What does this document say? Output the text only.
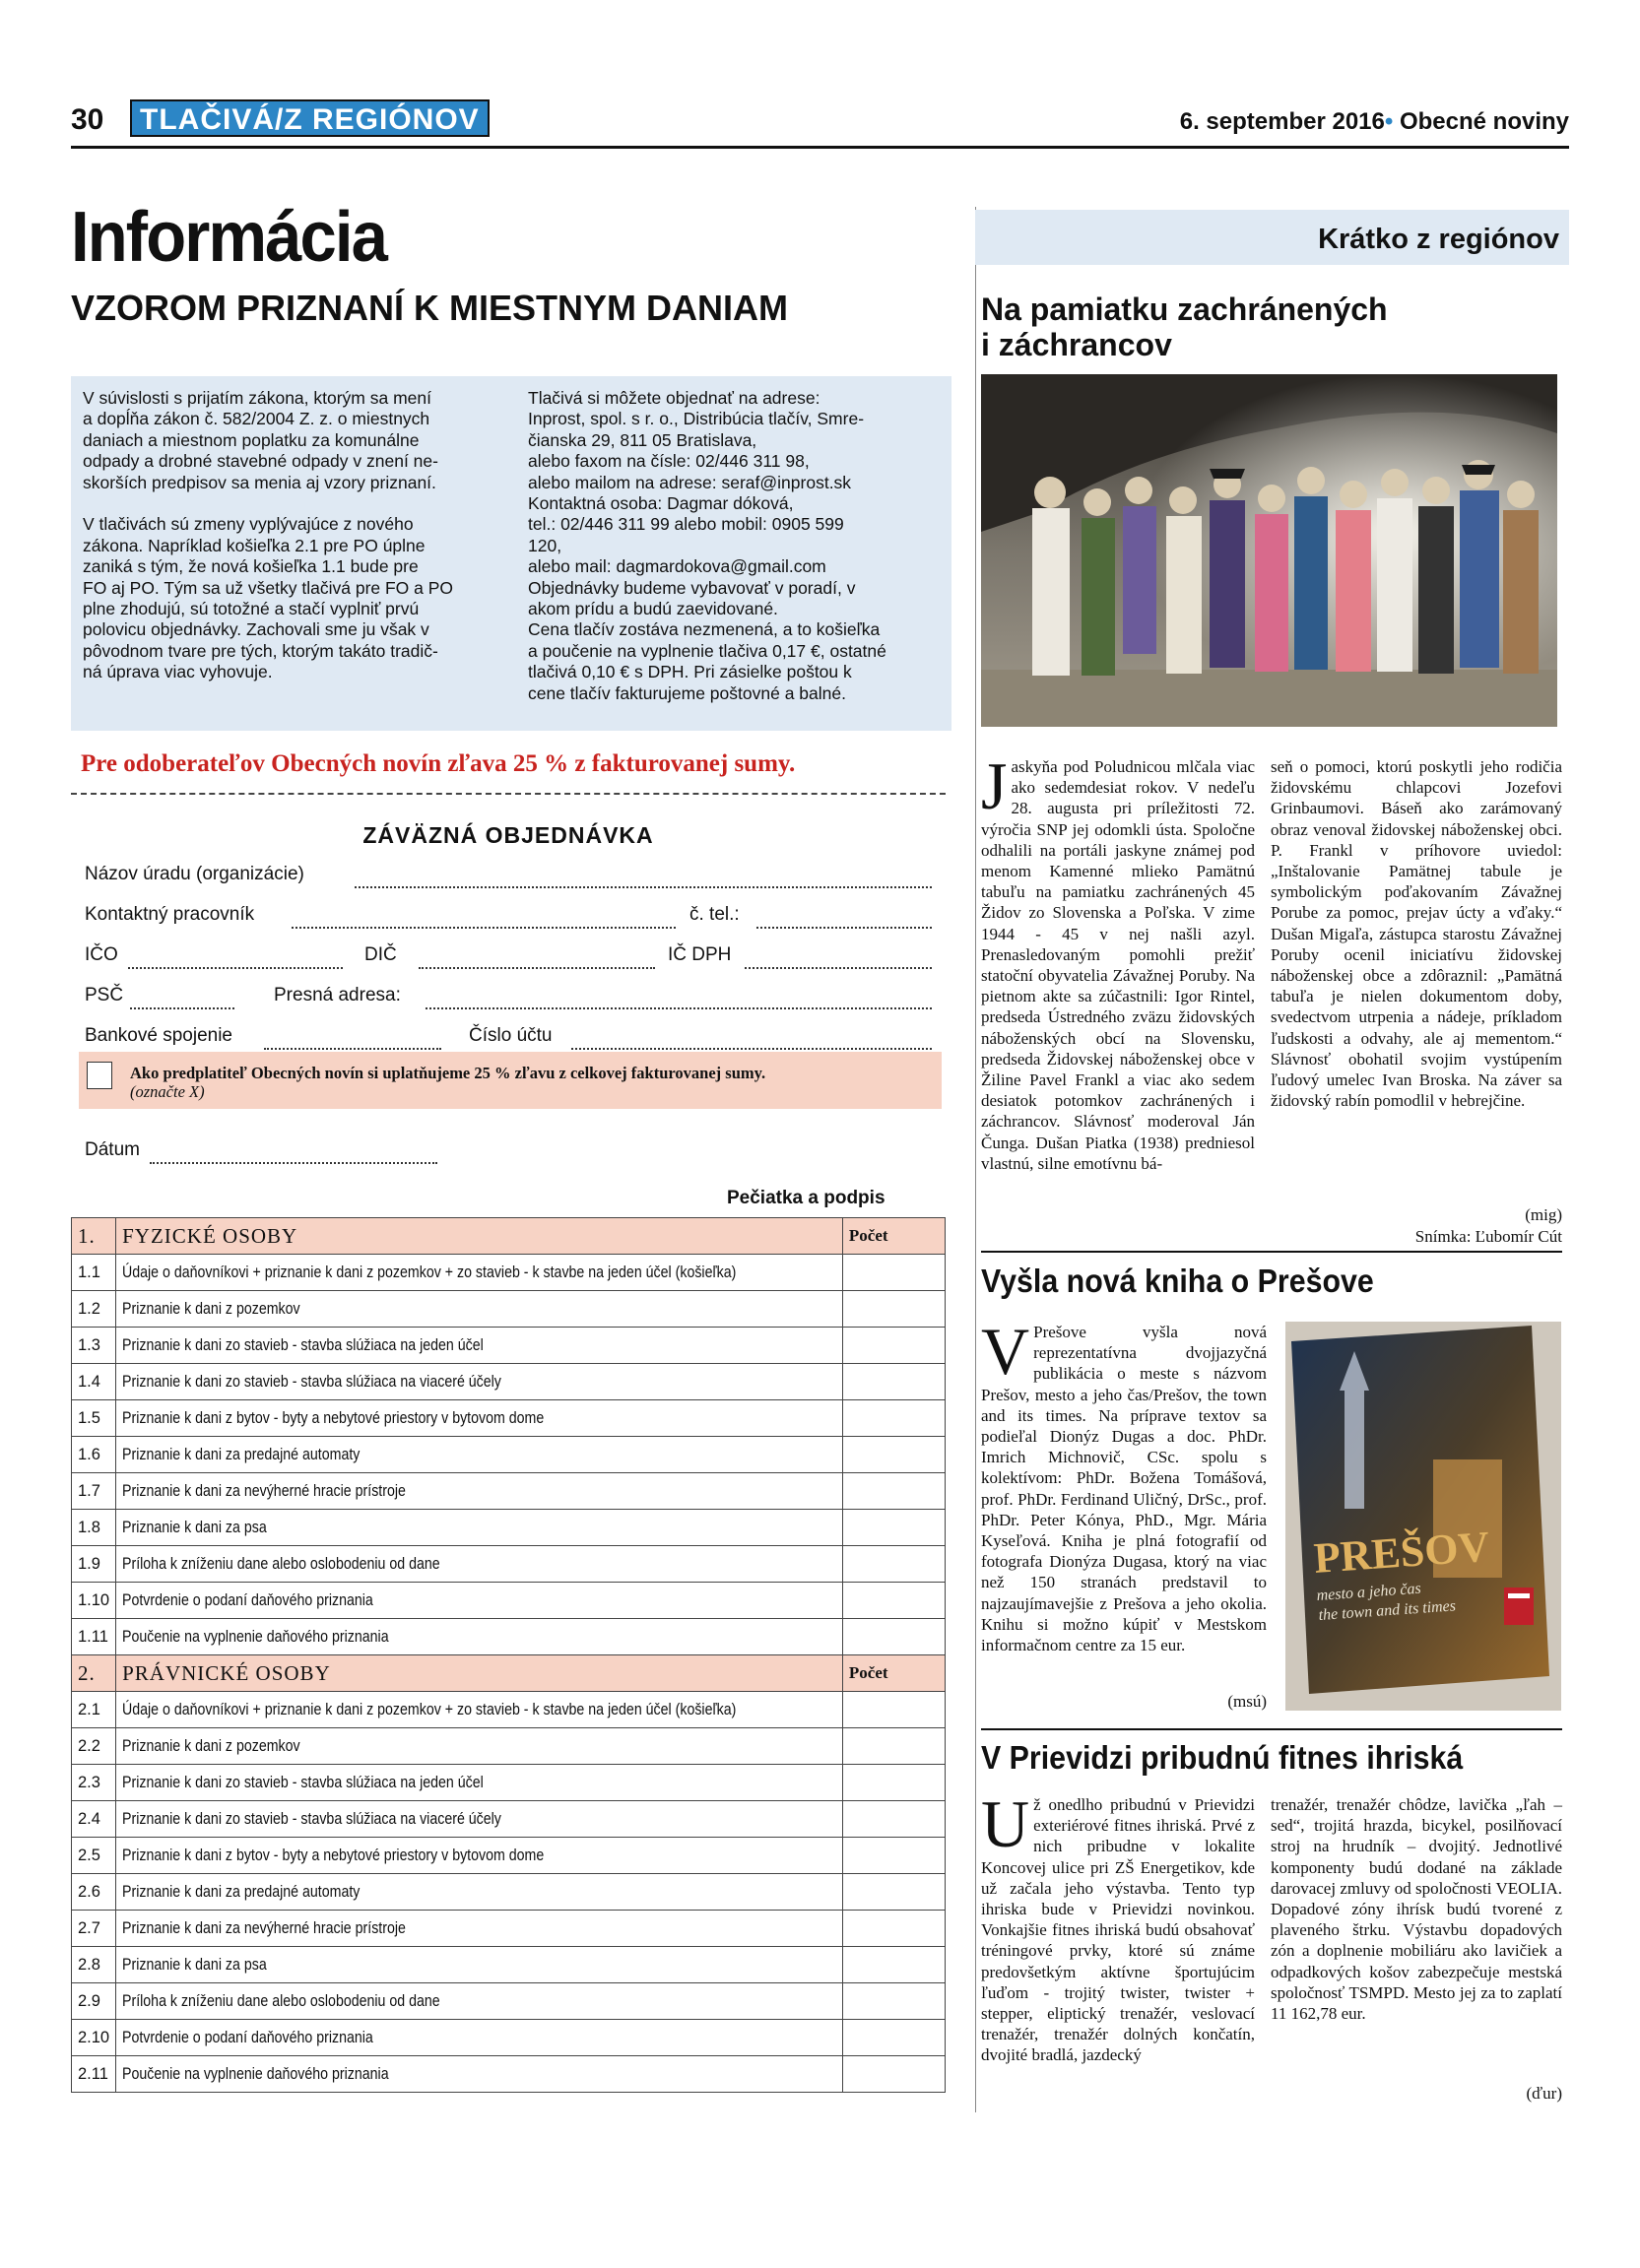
30	TLAČIVÁ/Z REGIÓNOV	6. september 2016• Obecné noviny
Informácia
VZOROM PRIZNANÍ K MIESTNYM DANIAM
V súvislosti s prijatím zákona, ktorým sa mení
a dopĺňa zákon č. 582/2004 Z. z. o miestnych
daniach a miestnom poplatku za komunálne
odpady a drobné stavebné odpady v znení ne-
skorších predpisov sa menia aj vzory priznaní.

V tlačivách sú zmeny vyplývajúce z nového
zákona. Napríklad košieľka 2.1 pre PO úplne
zaniká s tým, že nová košieľka 1.1 bude pre
FO aj PO. Tým sa už všetky tlačivá pre FO a PO
plne zhodujú, sú totožné a stačí vyplniť prvú
polovicu objednávky. Zachovali sme ju však v
pôvodnom tvare pre tých, ktorým takáto tradič-
ná úprava viac vyhovuje.
Tlačivá si môžete objednať na adrese:
Inprost, spol. s r. o., Distribúcia tlačív, Smre-
čianska 29, 811 05 Bratislava,
alebo faxom na čísle: 02/446 311 98,
alebo mailom na adrese: seraf@inprost.sk
Kontaktná osoba: Dagmar dóková,
tel.: 02/446 311 99 alebo mobil: 0905 599
120,
alebo mail: dagmardokova@gmail.com
Objednávky budeme vybavovať v poradí, v
akom prídu a budú zaevidované.
Cena tlačív zostáva nezmenená, a to košieľka
a poučenie na vyplnenie tlačiva 0,17 €, ostatné
tlačivá 0,10 € s DPH. Pri zásielke poštou k
cene tlačív fakturujeme poštovné a balné.
Pre odoberateľov Obecných novín zľava 25 % z fakturovanej sumy.
ZÁVÄZNÁ OBJEDNÁVKA
Názov úradu (organizácie)
Kontaktný pracovník	č. tel.:
IČO	DIČ	IČ DPH
PSČ	Presná adresa:
Bankové spojenie	Číslo účtu
Ako predplatiteľ Obecných novín si uplatňujeme 25 % zľavu z celkovej fakturovanej sumy.
(označte X)
Dátum
Pečiatka a podpis
1.	FYZICKÉ OSOBY	Počet
1.1	Údaje o daňovníkovi + priznanie k dani z pozemkov + zo stavieb - k stavbe na jeden účel (košieľka)	
1.2	Priznanie k dani z pozemkov	
1.3	Priznanie k dani zo stavieb - stavba slúžiaca na jeden účel	
1.4	Priznanie k dani zo stavieb - stavba slúžiaca na viaceré účely	
1.5	Priznanie k dani z bytov - byty a nebytové priestory v bytovom dome	
1.6	Priznanie k dani za predajné automaty	
1.7	Priznanie k dani za nevýherné hracie prístroje	
1.8	Priznanie k dani za psa	
1.9	Príloha k zníženiu dane alebo oslobodeniu od dane	
1.10	Potvrdenie o podaní daňového priznania	
1.11	Poučenie na vyplnenie daňového priznania	
2.	PRÁVNICKÉ OSOBY	Počet
2.1	Údaje o daňovníkovi + priznanie k dani z pozemkov + zo stavieb - k stavbe na jeden účel (košieľka)	
2.2	Priznanie k dani z pozemkov	
2.3	Priznanie k dani zo stavieb - stavba slúžiaca na jeden účel	
2.4	Priznanie k dani zo stavieb - stavba slúžiaca na viaceré účely	
2.5	Priznanie k dani z bytov - byty a nebytové priestory v bytovom dome	
2.6	Priznanie k dani za predajné automaty	
2.7	Priznanie k dani za nevýherné hracie prístroje	
2.8	Priznanie k dani za psa	
2.9	Príloha k zníženiu dane alebo oslobodeniu od dane	
2.10	Potvrdenie o podaní daňového priznania	
2.11	Poučenie na vyplnenie daňového priznania	
Krátko z regiónov
Na pamiatku zachránených
i záchrancov
Jaskyňa pod Poludnicou mlčala viac ako sedemdesiat rokov. V nedeľu 28. augusta pri príležitosti 72. výročia SNP jej odomkli ústa. Spoločne odhalili na portáli jaskyne známej pod menom Kamenné mlieko Pamätnú tabuľu na pamiatku zachránených 45 Židov zo Slovenska a Poľska. V zime 1944 - 45 v nej našli azyl. Prenasledovaným pomohli prežiť statoční obyvatelia Závažnej Poruby. Na pietnom akte sa zúčastnili: Igor Rintel, predseda Ústredného zväzu židovských náboženských obcí na Slovensku, predseda Židovskej náboženskej obce v Žiline Pavel Frankl a viac ako sedem desiatok potomkov zachránených i záchrancov. Slávnosť moderoval Ján Čunga. Dušan Piatka (1938) predniesol vlastnú, silne emotívnu bá-
seň o pomoci, ktorú poskytli jeho rodičia židovskému chlapcovi Jozefovi Grinbaumovi. Báseň ako zarámovaný obraz venoval židovskej náboženskej obci. P. Frankl v príhovore uviedol: „Inštalovanie Pamätnej tabule je symbolickým poďakovaním Závažnej Porube za pomoc, prejav úcty a vďaky.“ Dušan Migaľa, zástupca starostu Závažnej Poruby ocenil iniciatívu židovskej náboženskej obce a zdôraznil: „Pamätná tabuľa je nielen dokumentom doby, svedectvom utrpenia a nádeje, príkladom ľudskosti a odvahy, ale aj mementom.“ Slávnosť obohatil svojim vystúpením ľudový umelec Ivan Broska. Na záver sa židovský rabín pomodlil v hebrejčine.
(mig)
Snímka: Ľubomír Cút
Vyšla nová kniha o Prešove
V Prešove vyšla nová reprezentatívna dvojjazyčná publikácia o meste s názvom Prešov, mesto a jeho čas/Prešov, the town and its times. Na príprave textov sa podieľal Dionýz Dugas a doc. PhDr. Imrich Michnovič, CSc. spolu s kolektívom: PhDr. Božena Tomášová, prof. PhDr. Ferdinand Uličný, DrSc., prof. PhDr. Peter Kónya, PhD., Mgr. Mária Kyseľová. Kniha je plná fotografií od fotografa Dionýza Dugasa, ktorý na viac než 150 stranách predstavil to najzaujímavejšie z Prešova a jeho okolia. Knihu si možno kúpiť v Mestskom informačnom centre za 15 eur.
(msú)
PREŠOV
mesto a jeho čas
the town and its times
V Prievidzi pribudnú fitnes ihriská
Už onedlho pribudnú v Prievidzi exteriérové fitnes ihriská. Prvé z nich pribudne v lokalite Koncovej ulice pri ZŠ Energetikov, kde už začala jeho výstavba. Tento typ ihriska bude v Prievidzi novinkou. Vonkajšie fitnes ihriská budú obsahovať tréningové prvky, ktoré sú známe predovšetkým aktívne športujúcim ľuďom - trojitý twister, twister + stepper, eliptický trenažér, veslovací trenažér, trenažér dolných končatín, dvojité bradlá, jazdecký
trenažér, trenažér chôdze, lavička „ľah – sed“, trojitá hrazda, bicykel, posilňovací stroj na hrudník – dvojitý. Jednotlivé komponenty budú dodané na základe darovacej zmluvy od spoločnosti VEOLIA. Dopadové zóny ihrísk budú tvorené z plaveného štrku. Výstavbu dopadových zón a doplnenie mobiliáru ako lavičiek a odpadkových košov zabezpečuje mestská spoločnosť TSMPD. Mesto jej za to zaplatí 11 162,78 eur.
(ďur)
